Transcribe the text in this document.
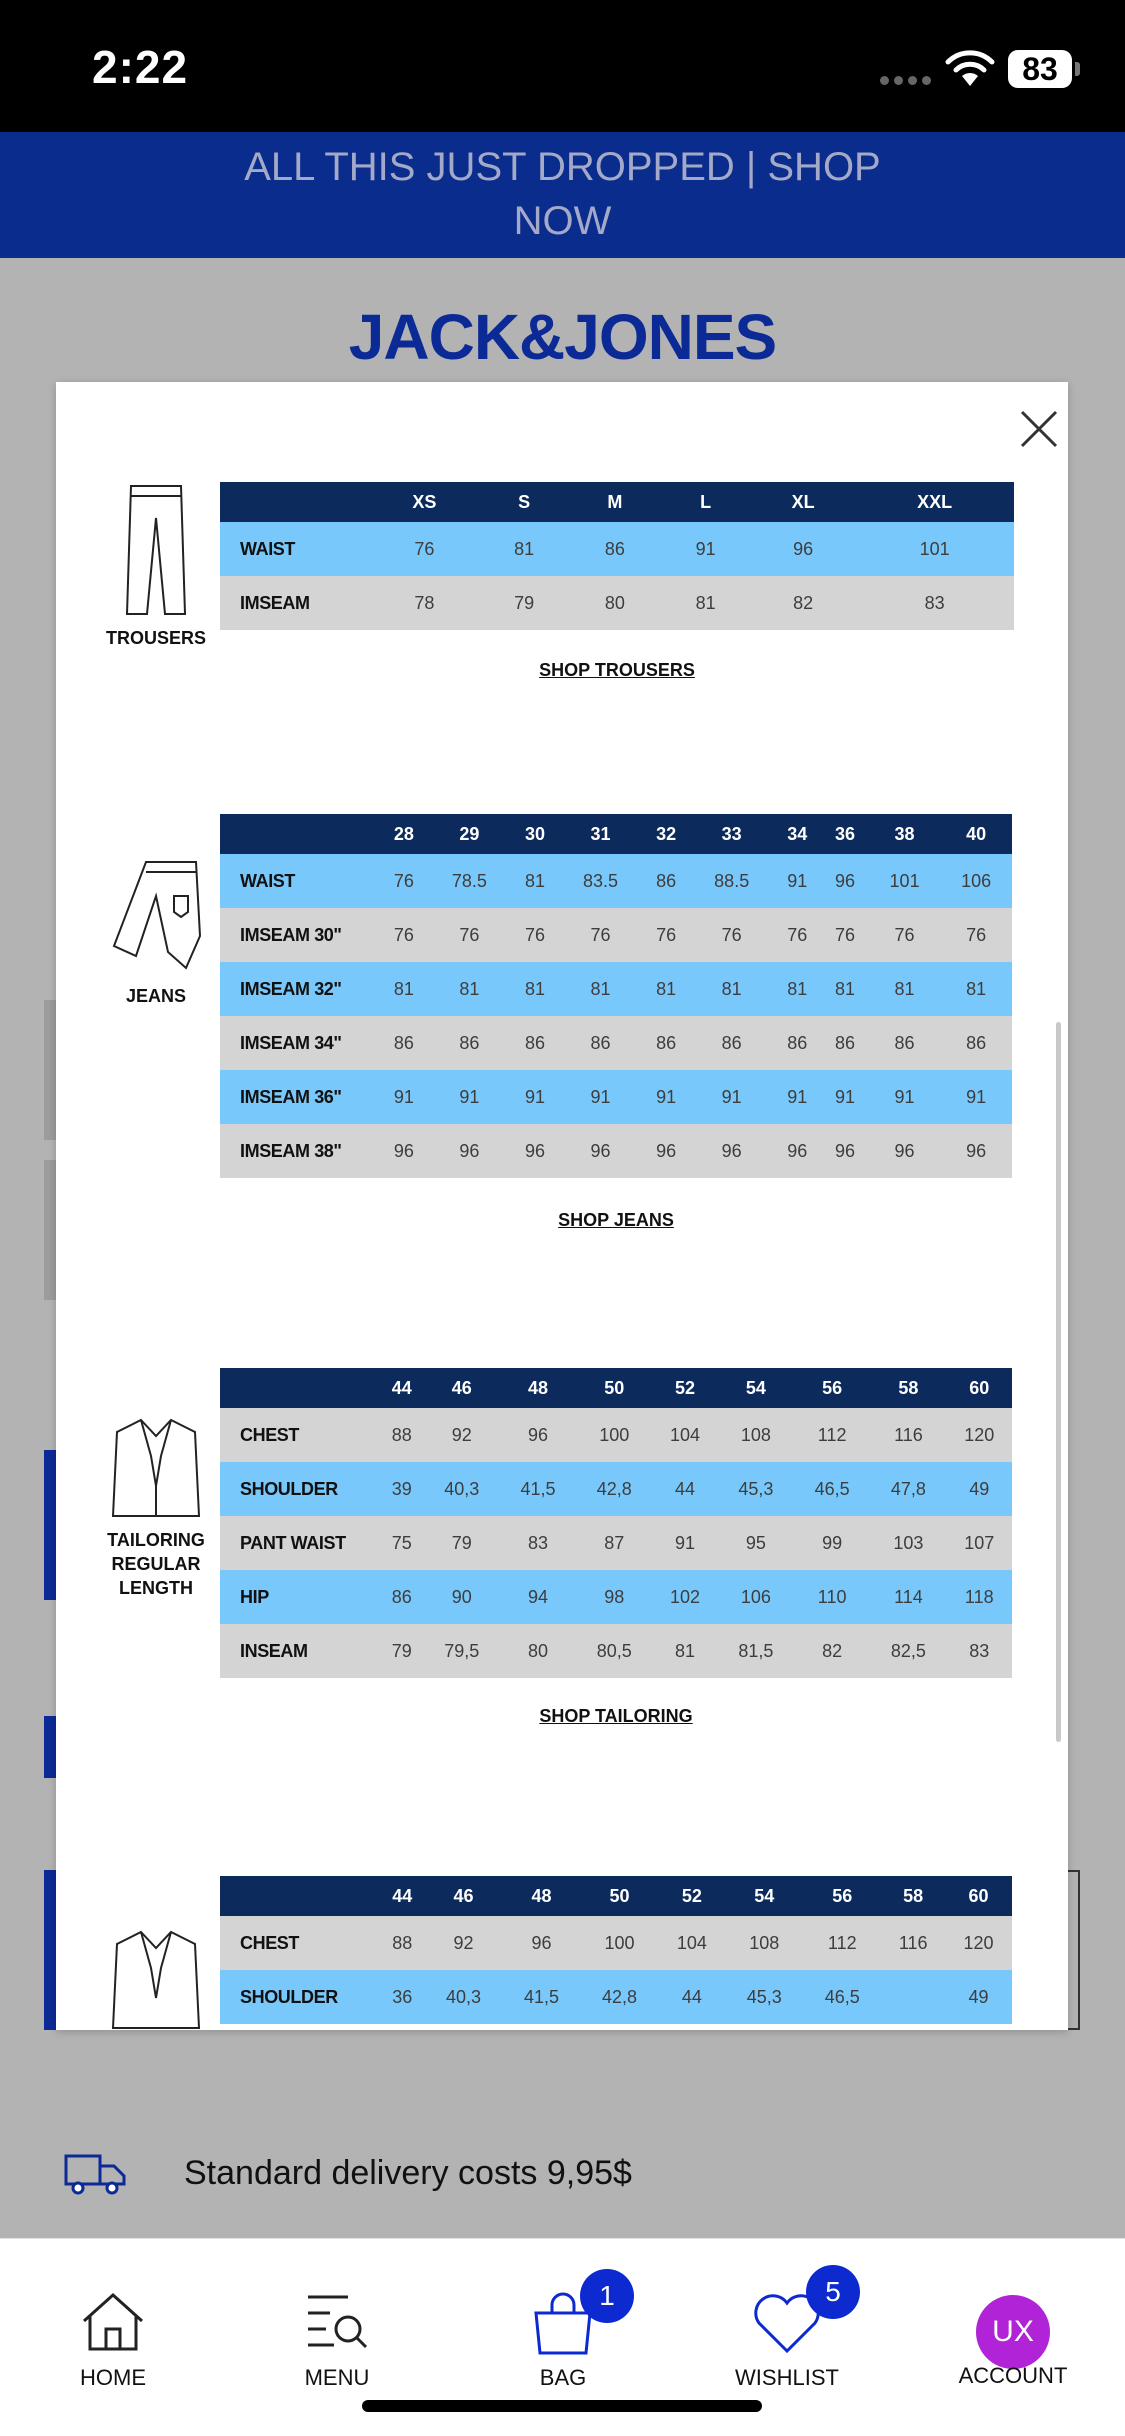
2:22	83
ALL THIS JUST DROPPED | SHOP NOW
JACK&JONES
Standard delivery costs 9,95$
TROUSERS
	XS	S	M	L	XL	XXL
WAIST	76	81	86	91	96	101
IMSEAM	78	79	80	81	82	83
SHOP TROUSERS
JEANS
	28	29	30	31	32	33	34	36	38	40
WAIST	76	78.5	81	83.5	86	88.5	91	96	101	106
IMSEAM 30"	76	76	76	76	76	76	76	76	76	76
IMSEAM 32"	81	81	81	81	81	81	81	81	81	81
IMSEAM 34"	86	86	86	86	86	86	86	86	86	86
IMSEAM 36"	91	91	91	91	91	91	91	91	91	91
IMSEAM 38"	96	96	96	96	96	96	96	96	96	96
SHOP JEANS
TAILORING
REGULAR
LENGTH
	44	46	48	50	52	54	56	58	60
CHEST	88	92	96	100	104	108	112	116	120
SHOULDER	39	40,3	41,5	42,8	44	45,3	46,5	47,8	49
PANT WAIST	75	79	83	87	91	95	99	103	107
HIP	86	90	94	98	102	106	110	114	118
INSEAM	79	79,5	80	80,5	81	81,5	82	82,5	83
SHOP TAILORING
	44	46	48	50	52	54	56	58	60
CHEST	88	92	96	100	104	108	112	116	120
SHOULDER	36	40,3	41,5	42,8	44	45,3	46,5		49
HOME	MENU
1
BAG
5
WISHLIST
UX
ACCOUNT
